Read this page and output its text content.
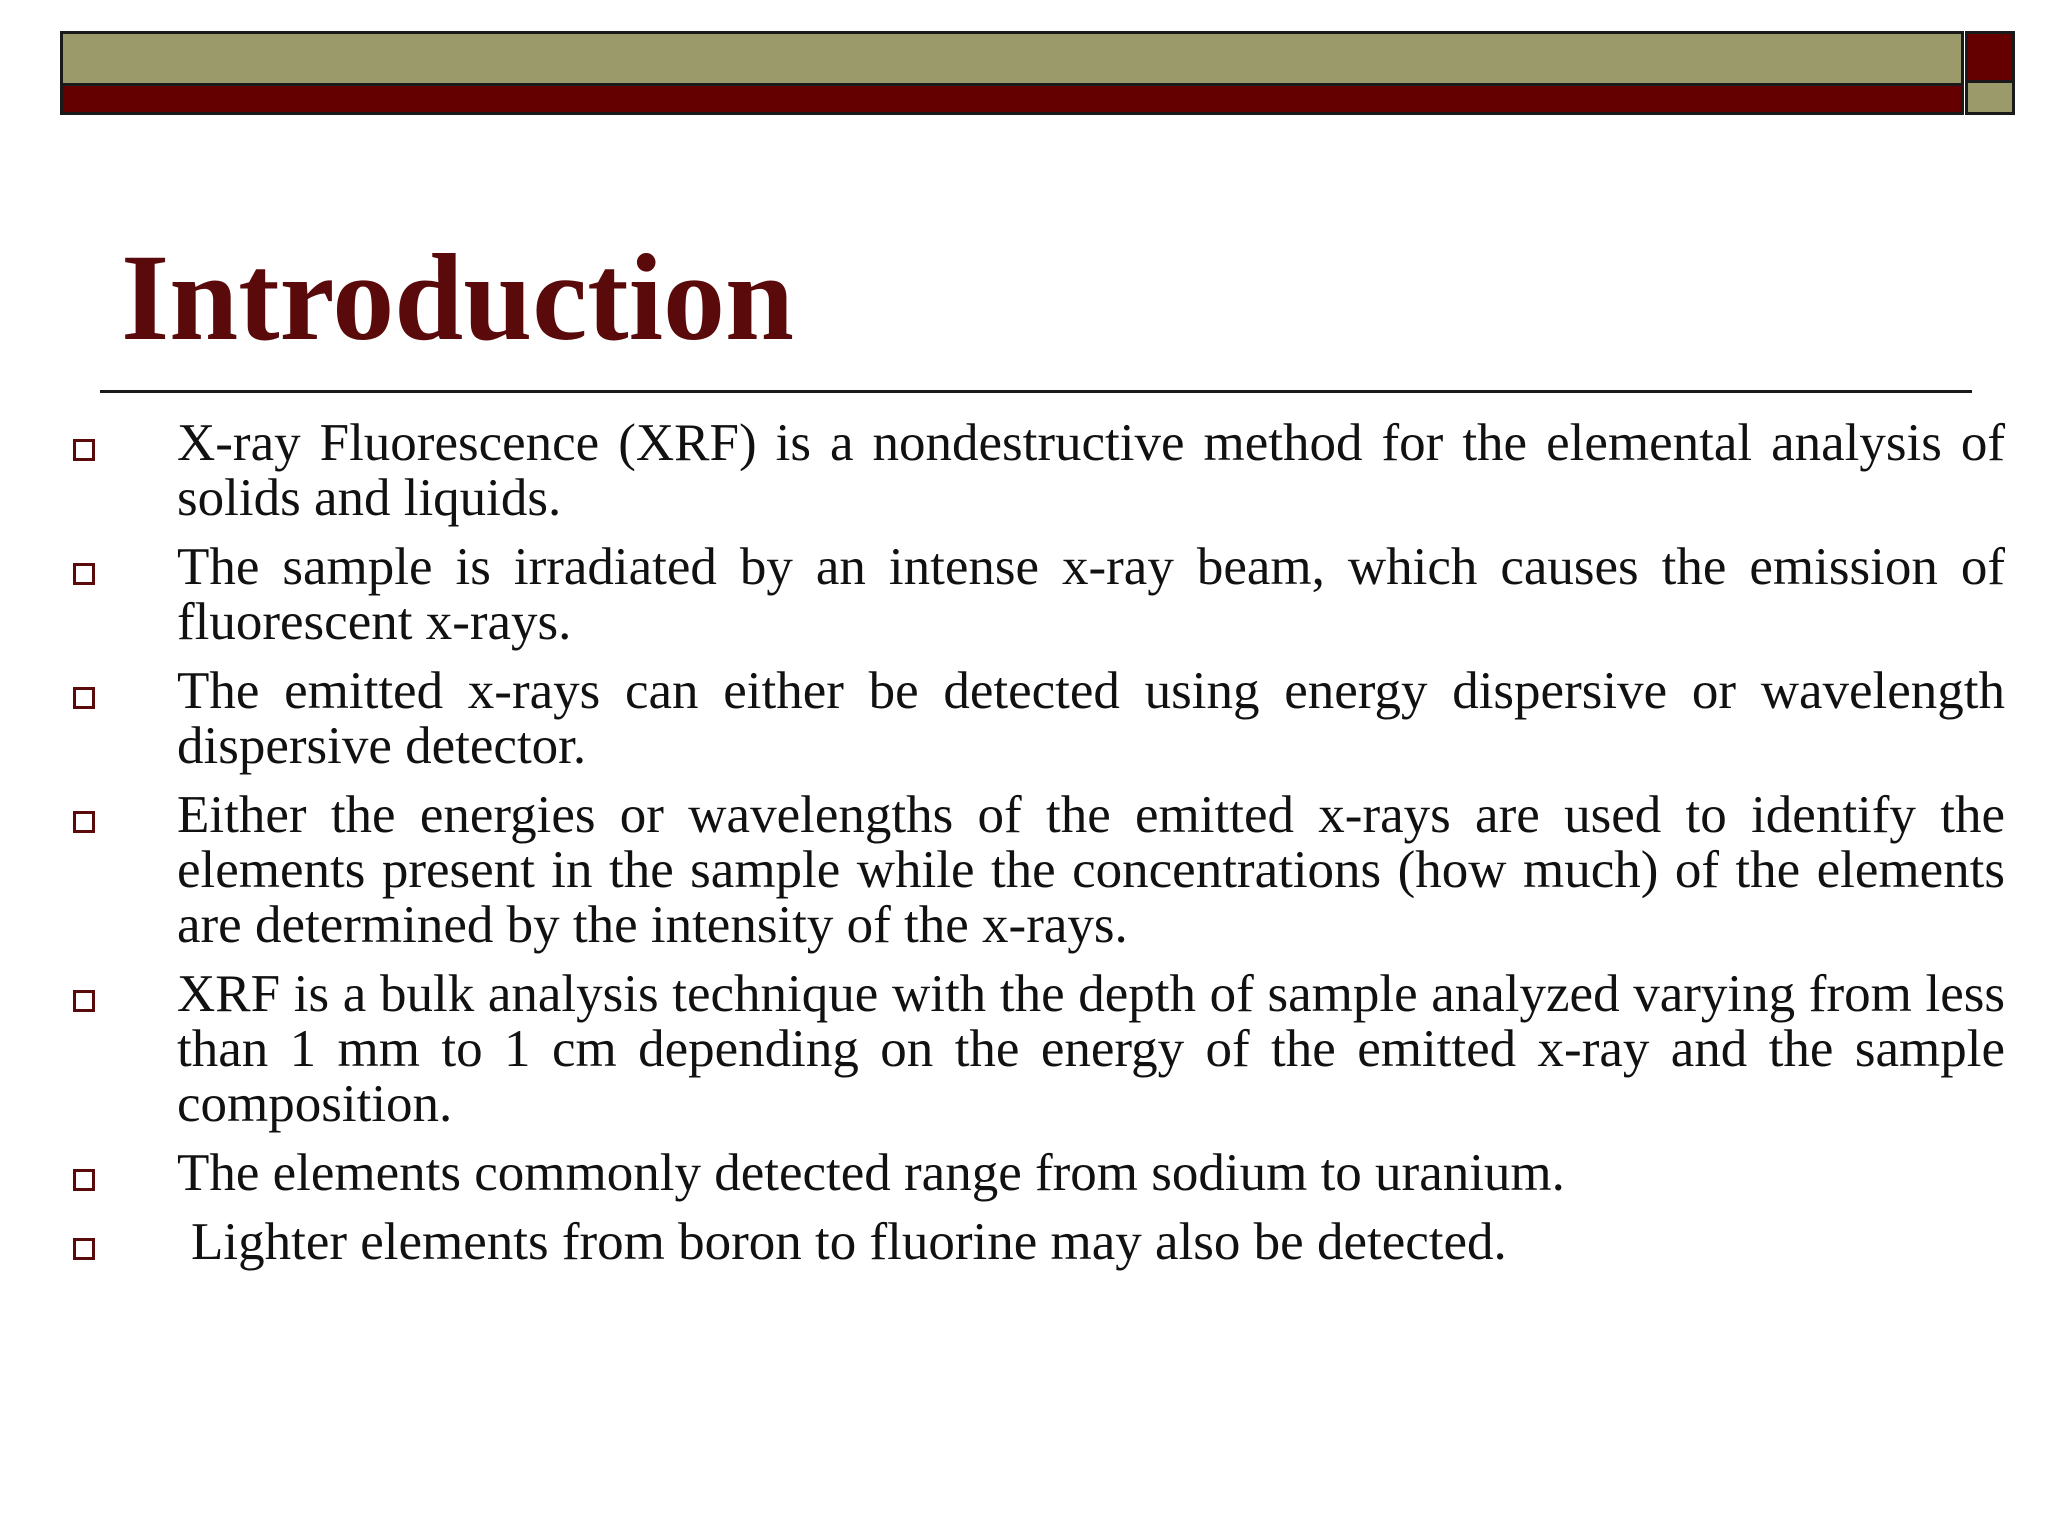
Introduction
X-ray Fluorescence (XRF) is a nondestructive method for the elemental analysis of solids and liquids.
The sample is irradiated by an intense x-ray beam, which causes the emission of fluorescent x-rays.
The emitted x-rays can either be detected using energy dispersive or wavelength dispersive detector.
Either the energies or wavelengths of the emitted x-rays are used to identify the elements present in the sample while the concentrations (how much) of the elements are determined by the intensity of the x-rays.
XRF is a bulk analysis technique with the depth of sample analyzed varying from less than 1 mm to 1 cm depending on the energy of the emitted x-ray and the sample composition.
The elements commonly detected range from sodium to uranium.
Lighter elements from boron to fluorine may also be detected.
